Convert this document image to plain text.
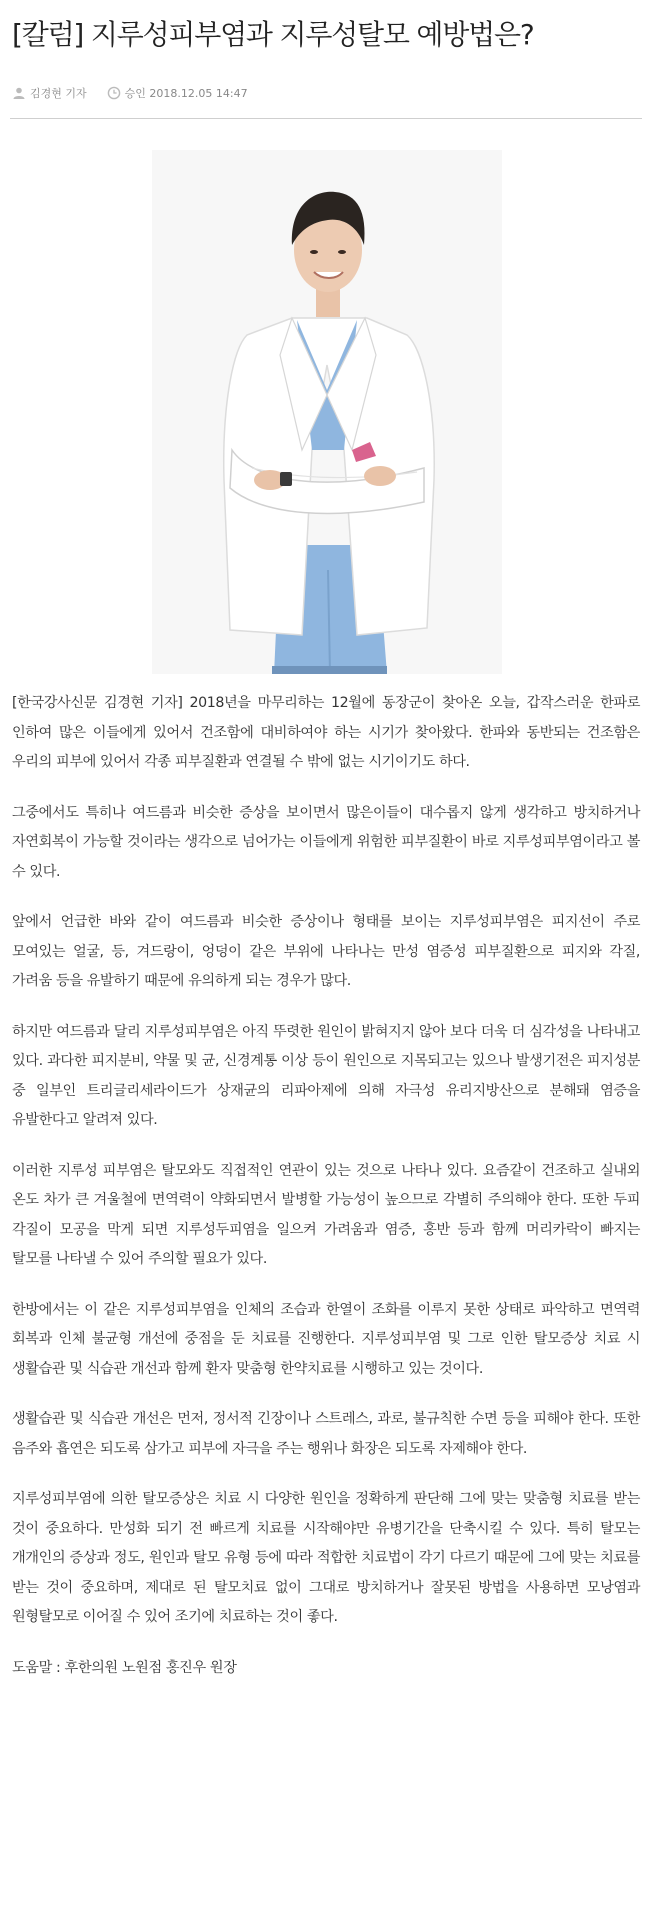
[칼럼] 지루성피부염과 지루성탈모 예방법은?
김경현 기자	승인 2018.12.05 14:47

[한국강사신문 김경현 기자] 2018년을 마무리하는 12월에 동장군이 찾아온 오늘, 갑작스러운 한파로 인하여 많은 이들에게 있어서 건조함에 대비하여야 하는 시기가 찾아왔다. 한파와 동반되는 건조함은 우리의 피부에 있어서 각종 피부질환과 연결될 수 밖에 없는 시기이기도 하다.

그중에서도 특히나 여드름과 비슷한 증상을 보이면서 많은이들이 대수롭지 않게 생각하고 방치하거나 자연회복이 가능할 것이라는 생각으로 넘어가는 이들에게 위험한 피부질환이 바로 지루성피부염이라고 볼 수 있다.

앞에서 언급한 바와 같이 여드름과 비슷한 증상이나 형태를 보이는 지루성피부염은 피지선이 주로 모여있는 얼굴, 등, 겨드랑이, 엉덩이 같은 부위에 나타나는 만성 염증성 피부질환으로 피지와 각질, 가려움 등을 유발하기 때문에 유의하게 되는 경우가 많다.

하지만 여드름과 달리 지루성피부염은 아직 뚜렷한 원인이 밝혀지지 않아 보다 더욱 더 심각성을 나타내고 있다. 과다한 피지분비, 약물 및 균, 신경계통 이상 등이 원인으로 지목되고는 있으나 발생기전은 피지성분 중 일부인 트리글리세라이드가 상재균의 리파아제에 의해 자극성 유리지방산으로 분해돼 염증을 유발한다고 알려져 있다.

이러한 지루성 피부염은 탈모와도 직접적인 연관이 있는 것으로 나타나 있다. 요즘같이 건조하고 실내외 온도 차가 큰 겨울철에 면역력이 약화되면서 발병할 가능성이 높으므로 각별히 주의해야 한다. 또한 두피 각질이 모공을 막게 되면 지루성두피염을 일으켜 가려움과 염증, 홍반 등과 함께 머리카락이 빠지는 탈모를 나타낼 수 있어 주의할 필요가 있다.

한방에서는 이 같은 지루성피부염을 인체의 조습과 한열이 조화를 이루지 못한 상태로 파악하고 면역력 회복과 인체 불균형 개선에 중점을 둔 치료를 진행한다. 지루성피부염 및 그로 인한 탈모증상 치료 시 생활습관 및 식습관 개선과 함께 환자 맞춤형 한약치료를 시행하고 있는 것이다.

생활습관 및 식습관 개선은 먼저, 정서적 긴장이나 스트레스, 과로, 불규칙한 수면 등을 피해야 한다. 또한 음주와 흡연은 되도록 삼가고 피부에 자극을 주는 행위나 화장은 되도록 자제해야 한다.

지루성피부염에 의한 탈모증상은 치료 시 다양한 원인을 정확하게 판단해 그에 맞는 맞춤형 치료를 받는 것이 중요하다. 만성화 되기 전 빠르게 치료를 시작해야만 유병기간을 단축시킬 수 있다. 특히 탈모는 개개인의 증상과 정도, 원인과 탈모 유형 등에 따라 적합한 치료법이 각기 다르기 때문에 그에 맞는 치료를 받는 것이 중요하며, 제대로 된 탈모치료 없이 그대로 방치하거나 잘못된 방법을 사용하면 모낭염과 원형탈모로 이어질 수 있어 조기에 치료하는 것이 좋다.

도움말 : 후한의원 노원점 홍진우 원장
